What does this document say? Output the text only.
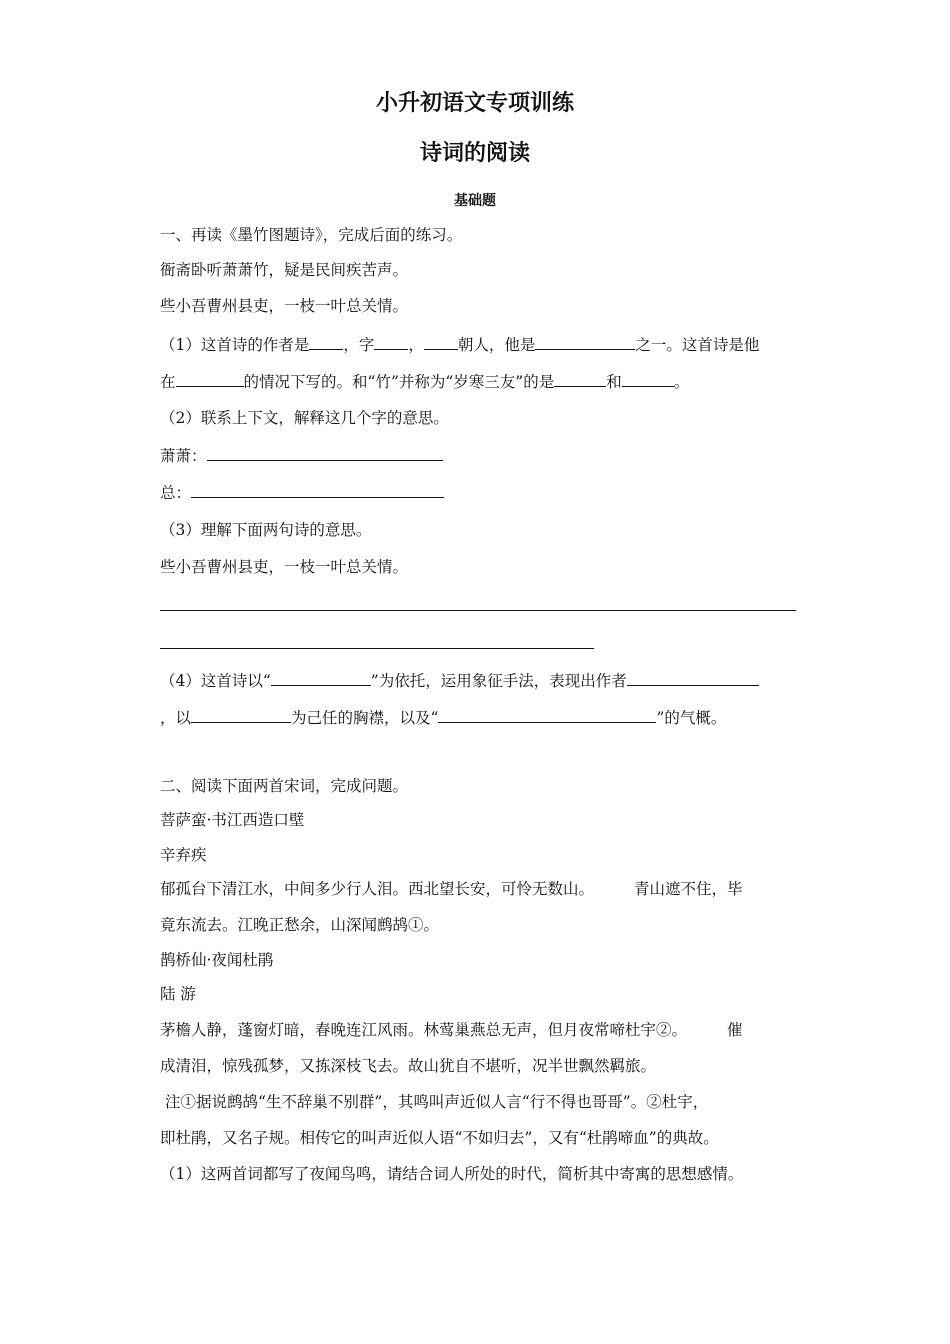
小升初语文专项训练
诗词的阅读
基础题
一、再读《墨竹图题诗》，完成后面的练习。
衙斋卧听萧萧竹，疑是民间疾苦声。
些小吾曹州县吏，一枝一叶总关情。
（1）这首诗的作者是 ，字 ， 朝人，他是	之一。这首诗是他
在	的情况下写的。和“竹”并称为“岁寒三友”的是	和	。
（2）联系上下文，解释这几个字的意思。
萧萧：
总：
（3）理解下面两句诗的意思。
些小吾曹州县吏，一枝一叶总关情。
（4）这首诗以“	”为依托，运用象征手法，表现出作者
，以	为己任的胸襟，以及“	”的气概。
二、阅读下面两首宋词，完成问题。
菩萨蛮·书江西造口壁
辛弃疾
郁孤台下清江水，中间多少行人泪。西北望长安，可怜无数山。	青山遮不住，毕
竟东流去。江晚正愁余，山深闻鹧鸪①。
鹊桥仙·夜闻杜鹃
陆 游
茅檐人静，蓬窗灯暗，春晚连江风雨。林莺巢燕总无声，但月夜常啼杜宇②。	催
成清泪，惊残孤梦，又拣深枝飞去。故山犹自不堪听，况半世飘然羁旅。
注①据说鹧鸪“生不辞巢不别群”，其鸣叫声近似人言“行不得也哥哥”。②杜宇，
即杜鹃，又名子规。相传它的叫声近似人语“不如归去”，又有“杜鹃啼血”的典故。
（1）这两首词都写了夜闻鸟鸣，请结合词人所处的时代，简析其中寄寓的思想感情。
